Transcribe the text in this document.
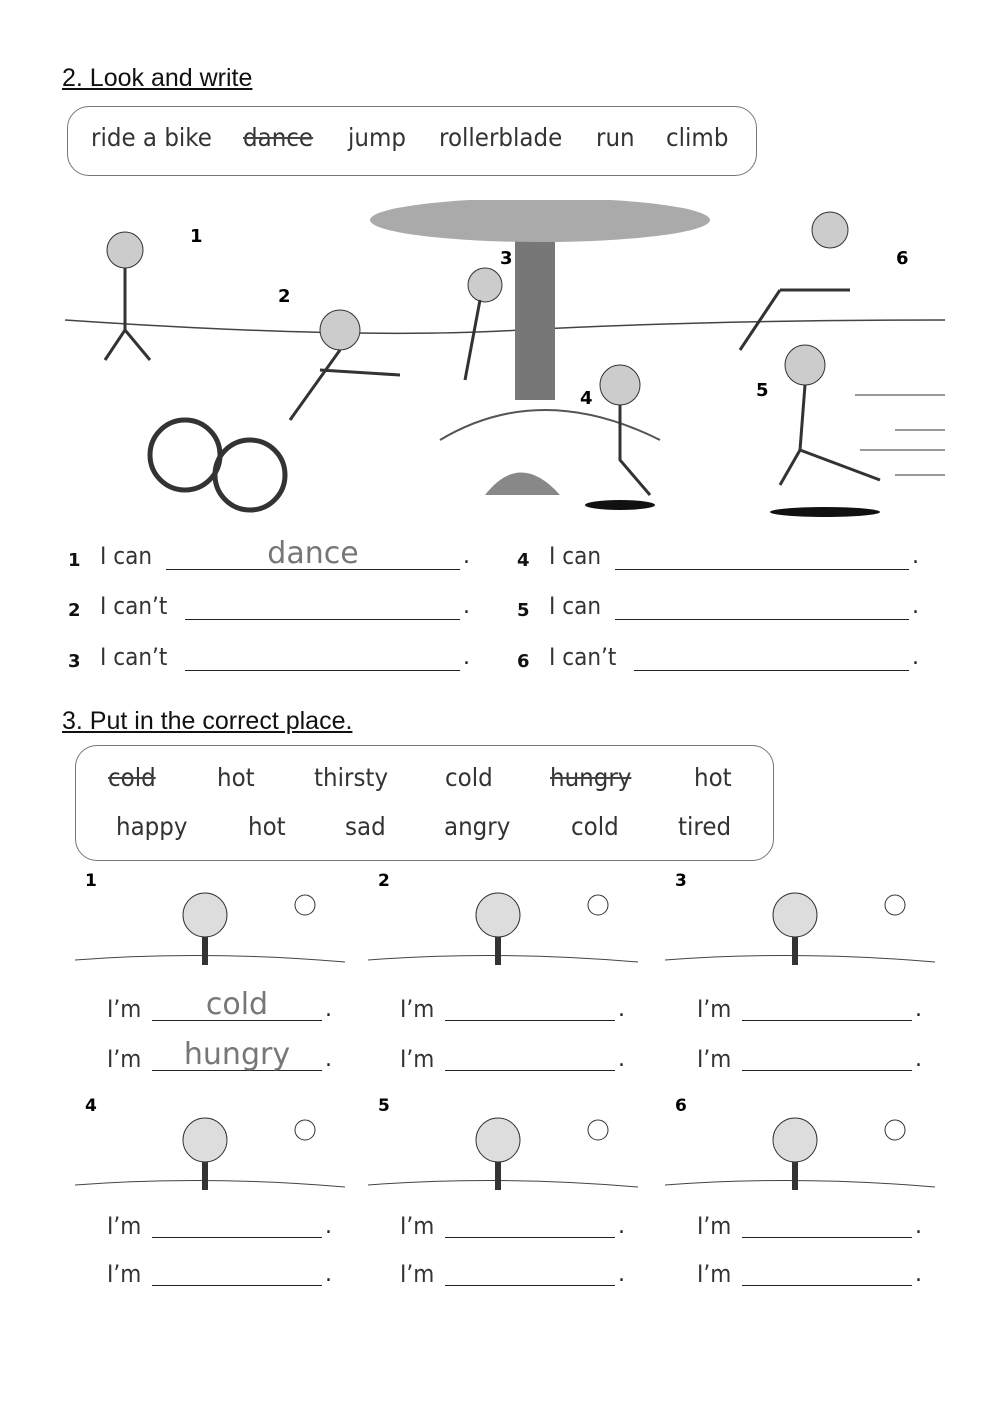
2. Look and write
1
2
3
4	5
6
3. Put in the correct place.
ride a bike dance jump rollerblade run climb
1 I can	dance	.
2 I can’t	.
3 I can’t	.
4 I can	.
5 I can	.
6 I can’t	.
cold hot thirsty cold hungry	hot
happy hot sad angry cold tired
1
I’m	cold	.
I’m	hungry	.
2
I’m	.
I’m	.
3
I’m	.
I’m	.
4
I’m	.
I’m	.
5
I’m	.
I’m	.
6
I’m	.
I’m	.
